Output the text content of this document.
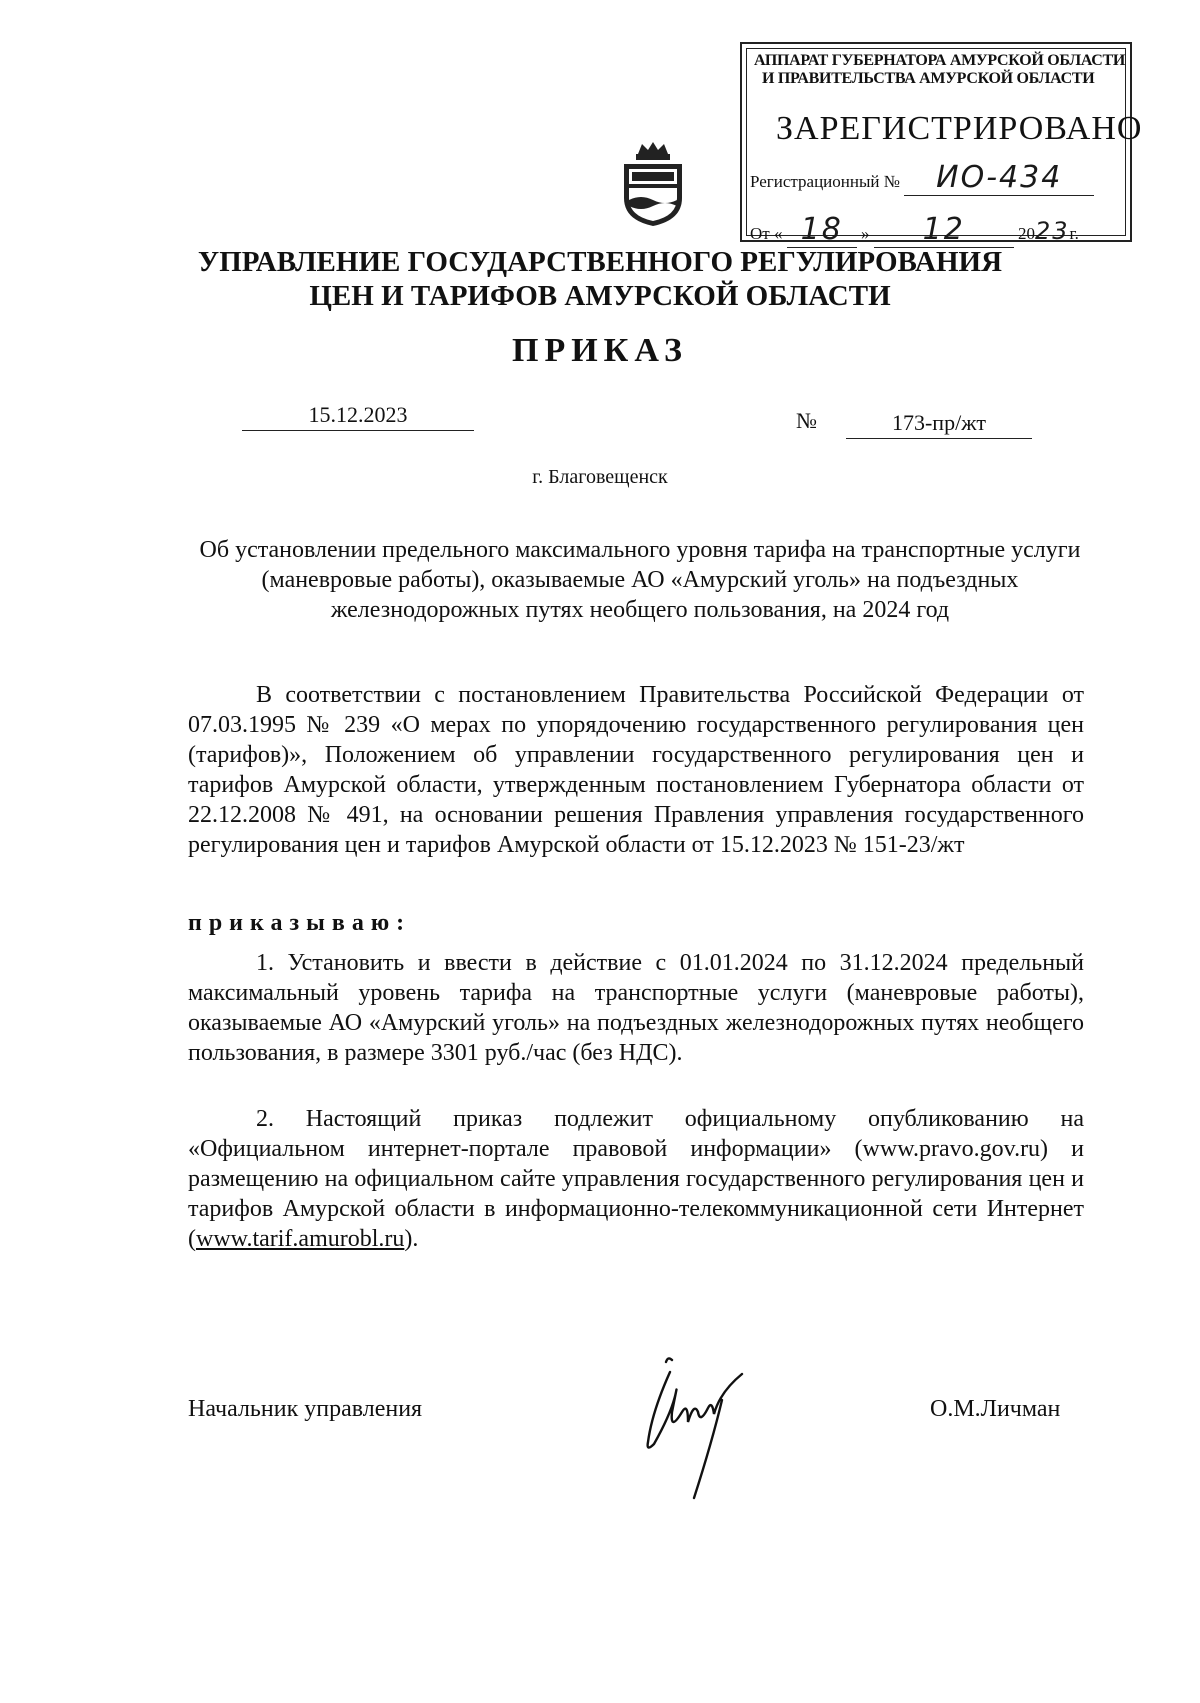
АППАРАТ ГУБЕРНАТОРА АМУРСКОЙ ОБЛАСТИ
И ПРАВИТЕЛЬСТВА АМУРСКОЙ ОБЛАСТИ
ЗАРЕГИСТРИРОВАНО
Регистрационный № ИО-434
От « 18 » 12	2023г.
УПРАВЛЕНИЕ ГОСУДАРСТВЕННОГО РЕГУЛИРОВАНИЯ
ЦЕН И ТАРИФОВ АМУРСКОЙ ОБЛАСТИ
ПРИКАЗ
15.12.2023	№	173-пр/жт
г. Благовещенск
Об установлении предельного максимального уровня тарифа на транспортные услуги (маневровые работы), оказываемые АО «Амурский уголь» на подъездных железнодорожных путях необщего пользования, на 2024 год
В соответствии с постановлением Правительства Российской Федерации от 07.03.1995 № 239 «О мерах по упорядочению государственного регулирования цен (тарифов)», Положением об управлении государственного регулирования цен и тарифов Амурской области, утвержденным постановлением Губернатора области от 22.12.2008 № 491, на основании решения Правления управления государственного регулирования цен и тарифов Амурской области от 15.12.2023 № 151-23/жт
приказываю:
1. Установить и ввести в действие с 01.01.2024 по 31.12.2024 предельный максимальный уровень тарифа на транспортные услуги (маневровые работы), оказываемые АО «Амурский уголь» на подъездных железнодорожных путях необщего пользования, в размере 3301 руб./час (без НДС).
2. Настоящий приказ подлежит официальному опубликованию на «Официальном интернет-портале правовой информации» (www.pravo.gov.ru) и размещению на официальном сайте управления государственного регулирования цен и тарифов Амурской области в информационно-телекоммуникационной сети Интернет (www.tarif.amurobl.ru).
Начальник управления	О.М.Личман
